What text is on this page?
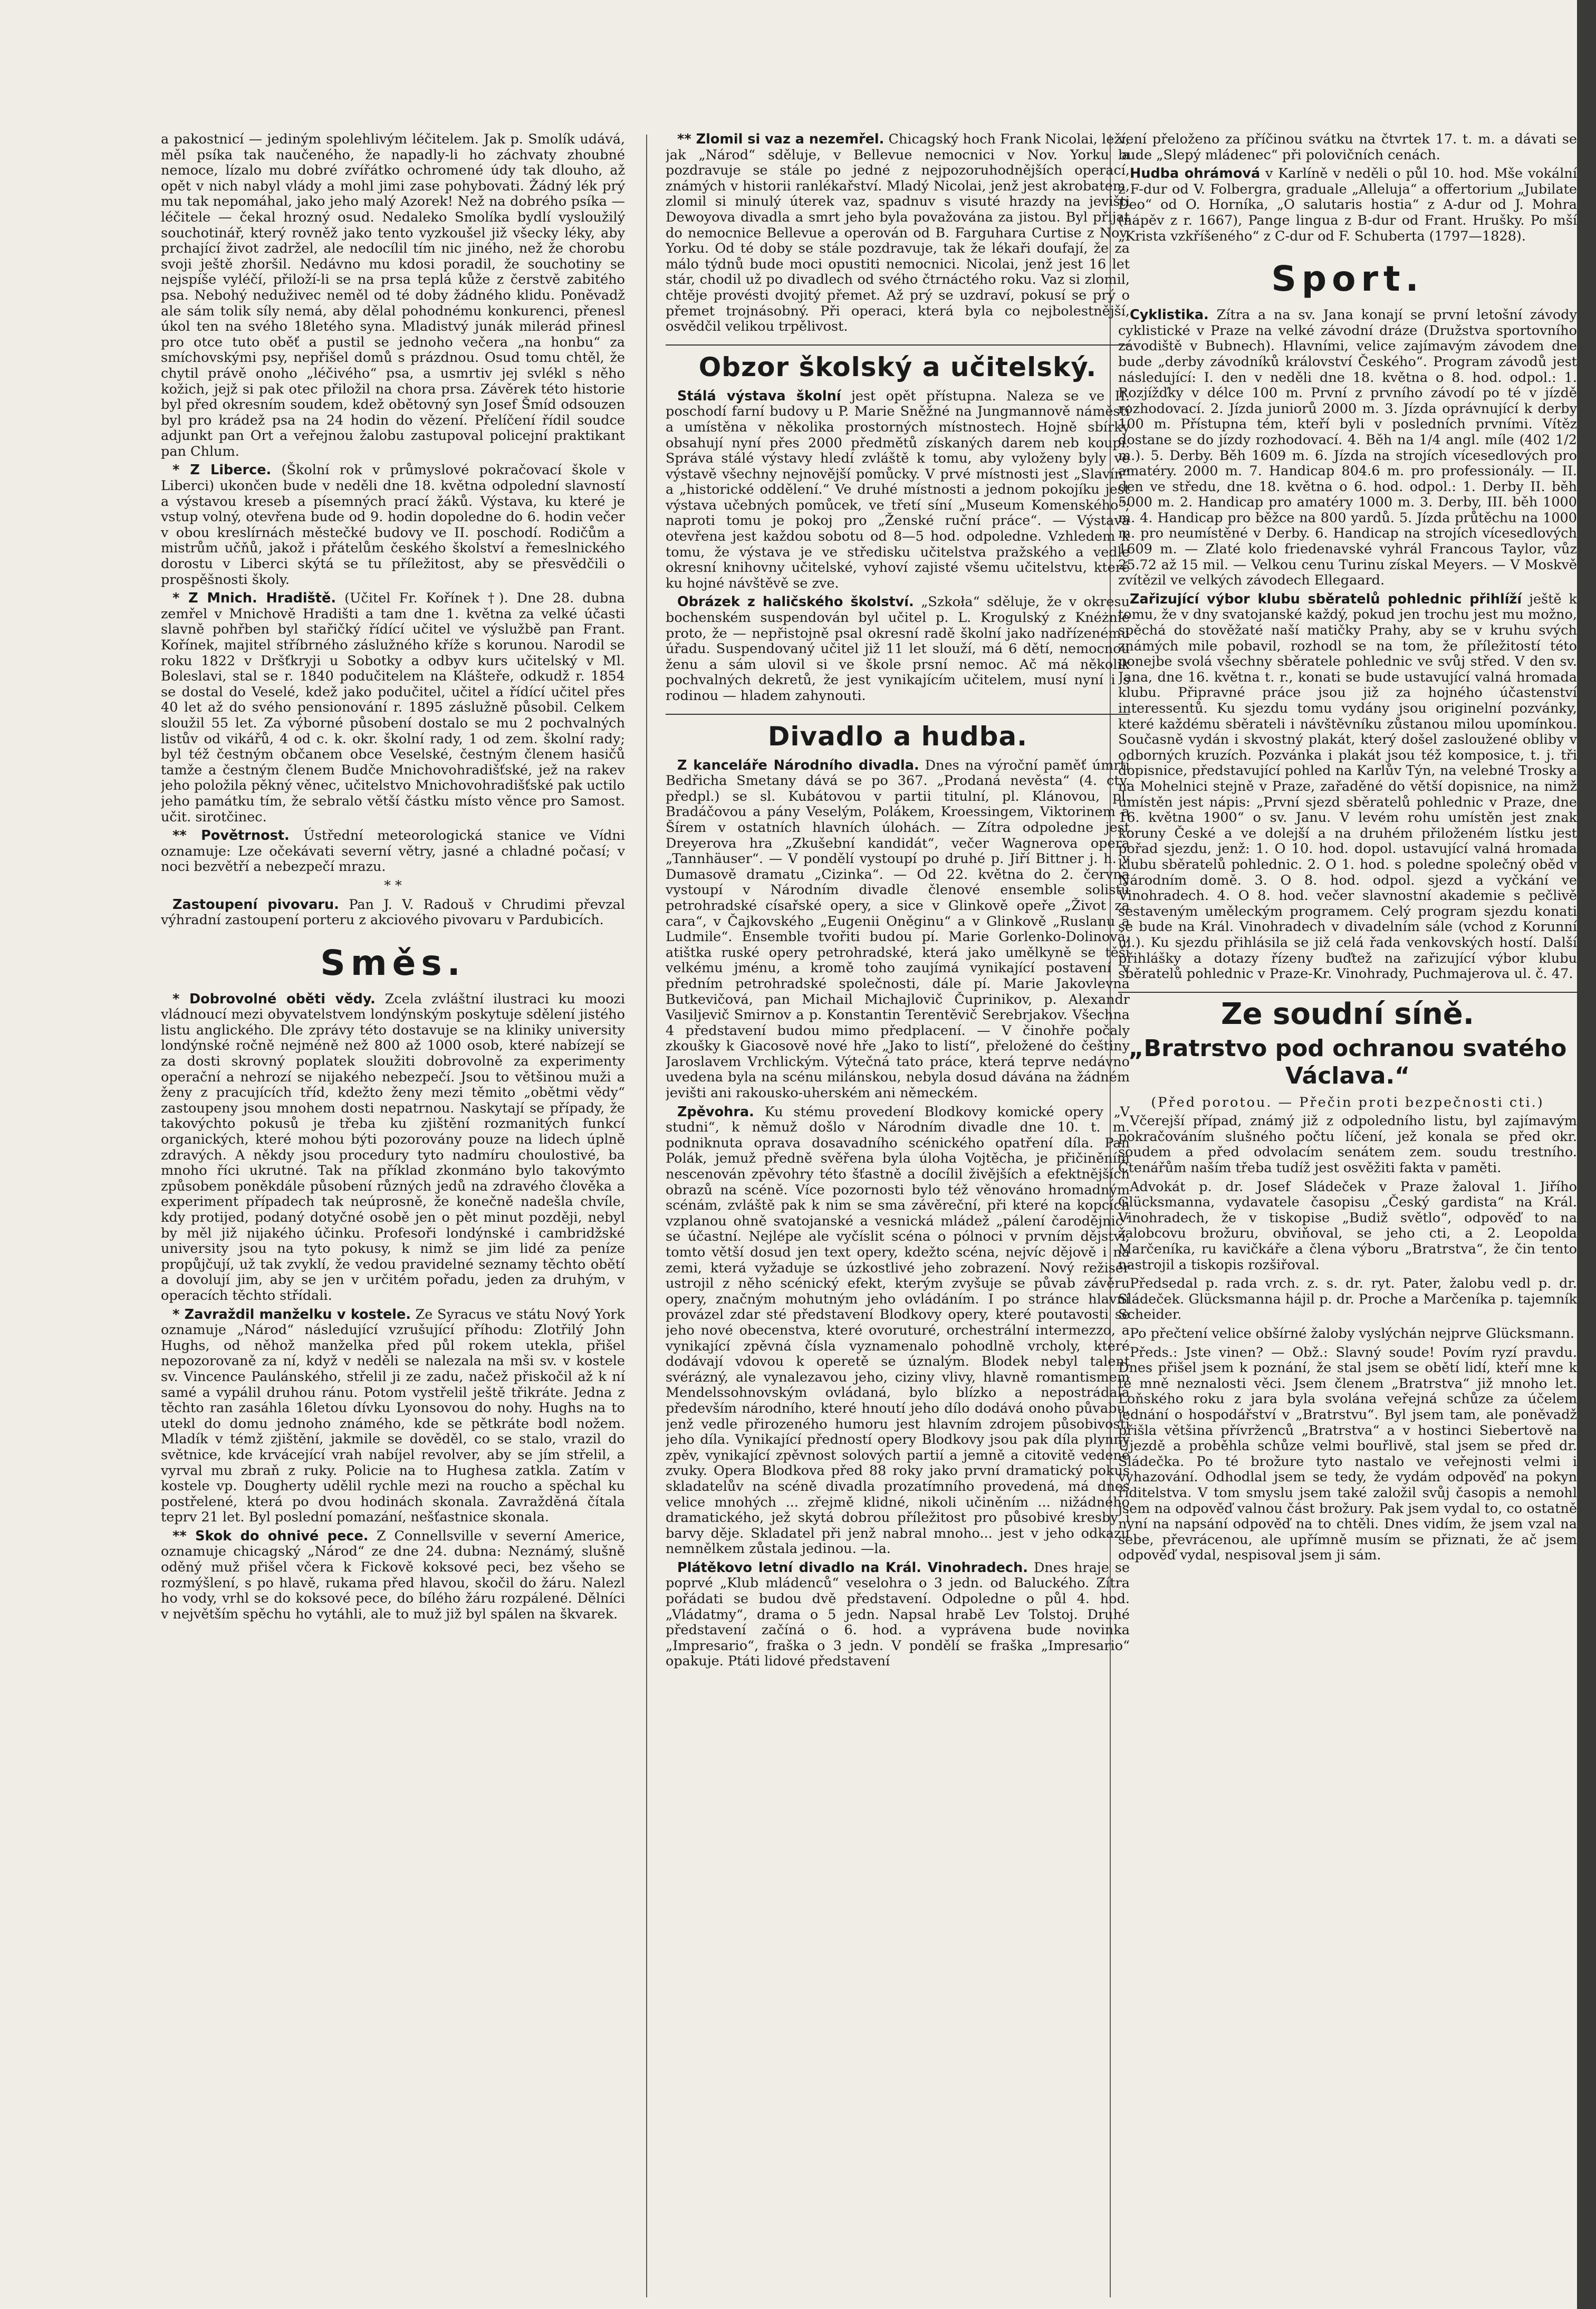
a pakostnicí — jediným spolehlivým léčitelem. Jak p. Smolík udává, měl psíka tak naučeného, že napadly-li ho záchvaty zhoubné nemoce, lízalo mu dobré zvířátko ochromené údy tak dlouho, až opět v nich nabyl vlády a mohl jimi zase pohybovati. Žádný lék prý mu tak nepomáhal, jako jeho malý Azorek! Než na dobrého psíka — léčitele — čekal hrozný osud. Nedaleko Smolíka bydlí vysloužilý souchotinář, který rovněž jako tento vyzkoušel již všecky léky, aby prchající život zadržel, ale nedocílil tím nic jiného, než že chorobu svoji ještě zhoršil. Nedávno mu kdosi poradil, že souchotiny se nejspíše vyléčí, přiloží-li se na prsa teplá kůže z čerstvě zabitého psa. Nebohý neduživec neměl od té doby žádného klidu. Poněvadž ale sám tolik síly nemá, aby dělal pohodnému konkurenci, přenesl úkol ten na svého 18letého syna. Mladistvý junák milerád přinesl pro otce tuto oběť a pustil se jednoho večera „na honbu“ za smíchovskými psy, nepřišel domů s prázdnou. Osud tomu chtěl, že chytil právě onoho „léčivého“ psa, a usmrtiv jej svlékl s něho kožich, jejž si pak otec přiložil na chora prsa. Závěrek této historie byl před okresním soudem, kdež obětovný syn Josef Šmíd odsouzen byl pro krádež psa na 24 hodin do vězení. Přelíčení řídil soudce adjunkt pan Ort a veřejnou žalobu zastupoval policejní praktikant pan Chlum.

* Z Liberce. (Školní rok v průmyslové pokračovací škole v Liberci) ukončen bude v neděli dne 18. května odpolední slavností a výstavou kreseb a písemných prací žáků. Výstava, ku které je vstup volný, otevřena bude od 9. hodin dopoledne do 6. hodin večer v obou kreslírnách městečké budovy ve II. poschodí. Rodičům a mistrům učňů, jakož i přátelům českého školství a řemeslnického dorostu v Liberci skýtá se tu příležitost, aby se přesvědčili o prospěšnosti školy.

* Z Mnich. Hradiště. (Učitel Fr. Kořínek †). Dne 28. dubna zemřel v Mnichově Hradišti a tam dne 1. května za velké účasti slavně pohřben byl stařičký řídící učitel ve výslužbě pan Frant. Kořínek, majitel stříbrného záslužného kříže s korunou. Narodil se roku 1822 v Dršťkryji u Sobotky a odbyv kurs učitelský v Ml. Boleslavi, stal se r. 1840 podučitelem na Klášteře, odkudž r. 1854 se dostal do Veselé, kdež jako podučitel, učitel a řídící učitel přes 40 let až do svého pensionování r. 1895 záslužně působil. Celkem sloužil 55 let. Za výborné působení dostalo se mu 2 pochvalných listův od vikářů, 4 od c. k. okr. školní rady, 1 od zem. školní rady; byl též čestným občanem obce Veselské, čestným členem hasičů tamže a čestným členem Budče Mnichovohradišťské, jež na rakev jeho položila pěkný věnec, učitelstvo Mnichovohradišťské pak uctilo jeho památku tím, že sebralo větší částku místo věnce pro Samost. učit. sirotčinec.

** Povětrnost. Ústřední meteorologická stanice ve Vídni oznamuje: Lze očekávati severní větry, jasné a chladné počasí; v noci bezvětří a nebezpečí mrazu.

* *

Zastoupení pivovaru. Pan J. V. Radouš v Chrudimi převzal výhradní zastoupení porteru z akciového pivovaru v Pardubicích.

Směs.

* Dobrovolné oběti vědy. Zcela zvláštní ilustraci ku moozi vládnoucí mezi obyvatelstvem londýnským poskytuje sdělení jistého listu anglického. Dle zprávy této dostavuje se na kliniky university londýnské ročně nejméně než 800 až 1000 osob, které nabízejí se za dosti skrovný poplatek sloužiti dobrovolně za experimenty operační a nehrozí se nijakého nebezpečí. Jsou to většinou muži a ženy z pracujících tříd, kdežto ženy mezi těmito „obětmi vědy“ zastoupeny jsou mnohem dosti nepatrnou. Naskytají se případy, že takovýchto pokusů je třeba ku zjištění rozmanitých funkcí organických, které mohou býti pozorovány pouze na lidech úplně zdravých. A někdy jsou procedury tyto nadmíru choulostivé, ba mnoho říci ukrutné. Tak na příklad zkonmáno bylo takovýmto způsobem poněkdále působení různých jedů na zdravého člověka a experiment případech tak neúprosně, že konečně nadešla chvíle, kdy protijed, podaný dotyčné osobě jen o pět minut později, nebyl by měl již nijakého účinku. Profesoři londýnské i cambridžské university jsou na tyto pokusy, k nimž se jim lidé za peníze propůjčují, už tak zvyklí, že vedou pravidelné seznamy těchto obětí a dovolují jim, aby se jen v určitém pořadu, jeden za druhým, v operacích těchto střídali.

* Zavraždil manželku v kostele. Ze Syracus ve státu Nový York oznamuje „Národ“ následující vzrušující příhodu: Zlotřilý John Hughs, od něhož manželka před půl rokem utekla, přišel nepozorovaně za ní, když v neděli se nalezala na mši sv. v kostele sv. Vincence Paulánského, střelil ji ze zadu, načež přiskočil až k ní samé a vypálil druhou ránu. Potom vystřelil ještě třikráte. Jedna z těchto ran zasáhla 16letou dívku Lyonsovou do nohy. Hughs na to utekl do domu jednoho známého, kde se pětkráte bodl nožem. Mladík v témž zjištění, jakmile se dověděl, co se stalo, vrazil do světnice, kde krvácející vrah nabíjel revolver, aby se jím střelil, a vyrval mu zbraň z ruky. Policie na to Hughesa zatkla. Zatím v kostele vp. Dougherty udělil rychle mezi na roucho a spěchal ku postřelené, která po dvou hodinách skonala. Zavražděná čítala teprv 21 let. Byl poslední pomazání, nešťastnice skonala.

** Skok do ohnivé pece. Z Connellsville v severní Americe, oznamuje chicagský „Národ“ ze dne 24. dubna: Neznámý, slušně oděný muž přišel včera k Fickově koksové peci, bez všeho se rozmýšlení, s po hlavě, rukama před hlavou, skočil do žáru. Nalezl ho vody, vrhl se do koksové pece, do bílého žáru rozpálené. Dělníci v největším spěchu ho vytáhli, ale to muž již byl spálen na škvarek.

** Zlomil si vaz a nezemřel. Chicagský hoch Frank Nicolai, leží, jak „Národ“ sděluje, v Bellevue nemocnici v Nov. Yorku a pozdravuje se stále po jedné z nejpozoruhodnějších operací, známých v historii ranlékařství. Mladý Nicolai, jenž jest akrobatem, zlomil si minulý úterek vaz, spadnuv s visuté hrazdy na jevišti Dewoyova divadla a smrt jeho byla považována za jistou. Byl přijat do nemocnice Bellevue a operován od B. Farguhara Curtise z Nov. Yorku. Od té doby se stále pozdravuje, tak že lékaři doufají, že za málo týdnů bude moci opustiti nemocnici. Nicolai, jenž jest 16 let stár, chodil už po divadlech od svého čtrnáctého roku. Vaz si zlomil, chtěje provésti dvojitý přemet. Až prý se uzdraví, pokusí se prý o přemet trojnásobný. Při operaci, která byla co nejbolestnější, osvědčil velikou trpělivost.

Obzor školský a učitelský.

Stálá výstava školní jest opět přístupna. Naleza se ve II. poschodí farní budovy u P. Marie Sněžné na Jungmannově náměstí a umístěna v několika prostorných místnostech. Hojně sbírky obsahují nyní přes 2000 předmětů získaných darem neb koupí. Správa stálé výstavy hledí zvláště k tomu, aby vyloženy byly ve výstavě všechny nejnovější pomůcky. V prvé místnosti jest „Slavín“ a „historické oddělení.“ Ve druhé místnosti a jednom pokojíku jest výstava učebných pomůcek, ve třetí síní „Museum Komenského“; naproti tomu je pokoj pro „Ženské ruční práce“. — Výstava otevřena jest každou sobotu od 8—5 hod. odpoledne. Vzhledem k tomu, že výstava je ve středisku učitelstva pražského a vedle okresní knihovny učitelské, vyhoví zajisté všemu učitelstvu, které ku hojné návštěvě se zve.

Obrázek z haličského školství. „Szkoła“ sděluje, že v okresu bochenském suspendován byl učitel p. L. Krogulský z Knéżnie proto, že — nepřistojně psal okresní radě školní jako nadřízenému úřadu. Suspendovaný učitel již 11 let slouží, má 6 dětí, nemocnou ženu a sám ulovil si ve škole prsní nemoc. Ač má několik pochvalných dekretů, že jest vynikajícím učitelem, musí nyní i s rodinou — hladem zahynouti.

Divadlo a hudba.

Z kanceláře Národního divadla. Dnes na výroční paměť úmrtí Bedřicha Smetany dává se po 367. „Prodaná nevěsta“ (4. ctv. předpl.) se sl. Kubátovou v partii titulní, pl. Klánovou, pl. Bradáčovou a pány Veselým, Polákem, Kroessingem, Viktorinem a Šírem v ostatních hlavních úlohách. — Zítra odpoledne jest Dreyerova hra „Zkušební kandidát“, večer Wagnerova opera „Tannhäuser“. — V pondělí vystoupí po druhé p. Jiří Bittner j. h. v Dumasově dramatu „Cizinka“. — Od 22. května do 2. června vystoupí v Národním divadle členové ensemble solistů petrohradské císařské opery, a sice v Glinkově opeře „Život za cara“, v Čajkovského „Eugenii Oněginu“ a v Glinkově „Ruslanu a Ludmile“. Ensemble tvořiti budou pí. Marie Gorlenko-Dolinová, atištka ruské opery petrohradské, která jako umělkyně se těší velkému jménu, a kromě toho zaujímá vynikající postavení v předním petrohradské společnosti, dále pí. Marie Jakovlevna Butkevičová, pan Michail Michajlovič Čuprinikov, p. Alexandr Vasiljevič Smirnov a p. Konstantin Terentěvič Serebrjakov. Všechna 4 představení budou mimo předplacení. — V činohře počaly zkoušky k Giacosově nové hře „Jako to listí“, přeložené do češtiny Jaroslavem Vrchlickým. Výtečná tato práce, která teprve nedávno uvedena byla na scénu milánskou, nebyla dosud dávána na žádném jevišti ani rakousko-uherském ani německém.

Zpěvohra. Ku stému provedení Blodkovy komické opery „V studni“, k němuž došlo v Národním divadle dne 10. t. m. podniknuta oprava dosavadního scénického opatření díla. Pan Polák, jemuž předně svěřena byla úloha Vojtěcha, je přičiněním nescenován zpěvohry této šťastně a docílil živějších a efektnějších obrazů na scéně. Více pozornosti bylo též věnováno hromadným scénám, zvláště pak k nim se sma závěreční, při které na kopcích vzplanou ohně svatojanské a vesnická mládež „pálení čarodějnic“ se účastní. Nejlépe ale vyčíslit scéna o pólnoci v prvním dějství, tomto větší dosud jen text opery, kdežto scéna, nejvíc dějově i na zemi, která vyžaduje se úzkostlivé jeho zobrazení. Nový režisér ustrojil z něho scénický efekt, kterým zvyšuje se půvab závěru opery, značným mohutným jeho ovládáním. I po stránce hlavní provázel zdar sté představení Blodkovy opery, které poutavosti se jeho nové obecenstva, které ovoruturé, orchestrální intermezzo, a vynikající zpěvná čísla vyznamenalo pohodlně vrcholy, které dodávají vdovou k operetě se úznalým. Blodek nebyl talent svérázný, ale vynalezavou jeho, ciziny vlivy, hlavně romantismem Mendelssohnovským ovládaná, bylo blízko a nepostrádala především národního, které hnoutí jeho dílo dodává onoho půvabu, jenž vedle přirozeného humoru jest hlavním zdrojem působivosti jeho díla. Vynikající předností opery Blodkovy jsou pak díla plynný zpěv, vynikající zpěvnost solových partií a jemně a citovitě vedené zvuky. Opera Blodkova před 88 roky jako první dramatický pokus skladatelův na scéně divadla prozatímního provedená, má dnes velice mnohých ... zřejmě klidné, nikoli učiněním ... nižádného dramatického, jež skytá dobrou příležitost pro působivé kresby i barvy děje. Skladatel při jenž nabral mnoho... jest v jeho odkazu nemnělkem zůstala jedinou. —la.

Plátěkovo letní divadlo na Král. Vinohradech. Dnes hraje se poprvé „Klub mládenců“ veselohra o 3 jedn. od Baluckého. Zítra pořádati se budou dvě představení. Odpoledne o půl 4. hod. „Vládatmy“, drama o 5 jedn. Napsal hrabě Lev Tolstoj. Druhé představení začíná o 6. hod. a vyprávena bude novinka „Impresario“, fraška o 3 jedn. V pondělí se fraška „Impresario“ opakuje. Ptáti lidové představení

vení přeloženo za příčinou svátku na čtvrtek 17. t. m. a dávati se bude „Slepý mládenec“ při polovičních cenách.

Hudba ohrámová v Karlíně v neděli o půl 10. hod. Mše vokální z F-dur od V. Folbergra, graduale „Alleluja“ a offertorium „Jubilate Deo“ od O. Horníka, „O salutaris hostia“ z A-dur od J. Mohra (nápěv z r. 1667), Pange lingua z B-dur od Frant. Hrušky. Po mší „Krista vzkříšeného“ z C-dur od F. Schuberta (1797—1828).

Sport.

Cyklistika. Zítra a na sv. Jana konají se první letošní závody cyklistické v Praze na velké závodní dráze (Družstva sportovního závodiště v Bubnech). Hlavními, velice zajímavým závodem dne bude „derby závodníků království Českého“. Program závodů jest následující: I. den v neděli dne 18. května o 8. hod. odpol.: 1. Rozjížďky v délce 100 m. První z prvního závodí po té v jízdě rozhodovací. 2. Jízda juniorů 2000 m. 3. Jízda oprávnující k derby 100 m. Přístupna tém, kteří byli v posledních prvními. Vítěz dostane se do jízdy rozhodovací. 4. Běh na 1/4 angl. míle (402 1/2 m.). 5. Derby. Běh 1609 m. 6. Jízda na strojích vícesedlových pro amatéry. 2000 m. 7. Handicap 804.6 m. pro professionály. — II. den ve středu, dne 18. května o 6. hod. odpol.: 1. Derby II. běh 5000 m. 2. Handicap pro amatéry 1000 m. 3. Derby, III. běh 1000 m. 4. Handicap pro běžce na 800 yardů. 5. Jízda průtěchu na 1000 m. pro neumístěné v Derby. 6. Handicap na strojích vícesedlových 1609 m. — Zlaté kolo friedenavské vyhrál Francous Taylor, vůz 25.72 až 15 mil. — Velkou cenu Turinu získal Meyers. — V Moskvě zvítězil ve velkých závodech Ellegaard.

Zařizující výbor klubu sběratelů pohledniс přihlíží ještě k tomu, že v dny svatojanské každý, pokud jen trochu jest mu možno, spěchá do stověžaté naší matičky Prahy, aby se v kruhu svých známých mile pobavil, rozhodl se na tom, že příležitostí této ponejbe svolá všechny sběratele pohlednic ve svůj střed. V den sv. Jana, dne 16. května t. r., konati se bude ustavující valná hromada klubu. Připravné práce jsou již za hojného účastenství interessentů. Ku sjezdu tomu vydány jsou originelní pozvánky, které každému sběrateli i návštěvníku zůstanou milou upomínkou. Současně vydán i skvostný plakát, který došel zasloužené obliby v odborných kruzích. Pozvánka i plakát jsou též komposice, t. j. tři dopisnice, představující pohled na Karlův Týn, na velebné Trosky a na Mohelnici stejně v Praze, zařaděné do větší dopisnice, na nimž umístěn jest nápis: „První sjezd sběratelů pohlednic v Praze, dne 16. května 1900“ o sv. Janu. V levém rohu umístěn jest znak koruny České a ve dolejší a na druhém přiloženém lístku jest pořad sjezdu, jenž: 1. O 10. hod. dopol. ustavující valná hromada klubu sběratelů pohlednic. 2. O 1. hod. s poledne společný oběd v Národním domě. 3. O 8. hod. odpol. sjezd a vyčkání ve Vinohradech. 4. O 8. hod. večer slavnostní akademie s pečlivě sestaveným uměleckým programem. Celý program sjezdu konati se bude na Král. Vinohradech v divadelním sále (vchod z Korunní ul.). Ku sjezdu přihlásila se již celá řada venkovských hostí. Další přihlášky a dotazy řízeny buďtež na zařizující výbor klubu sběratelů pohlednic v Praze-Kr. Vinohrady, Puchmajerova ul. č. 47.

Ze soudní síně.
„Bratrstvo pod ochranou svatého Václava.“

(Před porotou. — Přečin proti bezpečnosti cti.)

Včerejší případ, známý již z odpoledního listu, byl zajímavým pokračováním slušného počtu líčení, jež konala se před okr. soudem a před odvolacím senátem zem. soudu trestního. Čtenářům naším třeba tudíž jest osvěžiti fakta v paměti.

Advokát p. dr. Josef Sládeček v Praze žaloval 1. Jiřího Glücksmanna, vydavatele časopisu „Český gardista“ na Král. Vinohradech, že v tiskopise „Budiž světlo“, odpověď to na žalobcovu brožuru, obviňoval, se jeho cti, a 2. Leopolda Marčeníka, ru kavičkáře a člena výboru „Bratrstva“, že čin tento nastrojil a tiskopis rozšiřoval.

Předsedal p. rada vrch. z. s. dr. ryt. Pater, žalobu vedl p. dr. Sládeček. Glücksmanna hájil p. dr. Proche a Marčeníka p. tajemník Scheider.

Po přečtení velice obšírné žaloby vyslýchán nejprve Glücksmann.

Předs.: Jste vinen? — Obž.: Slavný soude! Povím ryzí pravdu. Dnes přišel jsem k poznání, že stal jsem se obětí lidí, kteří mne k té mně neznalosti věci. Jsem členem „Bratrstva“ již mnoho let. Loňského roku z jara byla svolána veřejná schůze za účelem jednání o hospodářství v „Bratrstvu“. Byl jsem tam, ale poněvadž přišla většina přívrženců „Bratrstva“ a v hostinci Siebertově na Újezdě a proběhla schůze velmi bouřlivě, stal jsem se před dr. Sládečka. Po té brožure tyto nastalo ve veřejnosti velmi i vyhazování. Odhodlal jsem se tedy, že vydám odpověď na pokyn řiditelstva. V tom smyslu jsem také založil svůj časopis a nemohl jsem na odpověď valnou část brožury. Pak jsem vydal to, co ostatně nyní na napsání odpověď na to chtěli. Dnes vidím, že jsem vzal na sebe, převrácenou, ale upřímně musím se přiznati, že ač jsem odpověď vydal, nespisoval jsem ji sám.
